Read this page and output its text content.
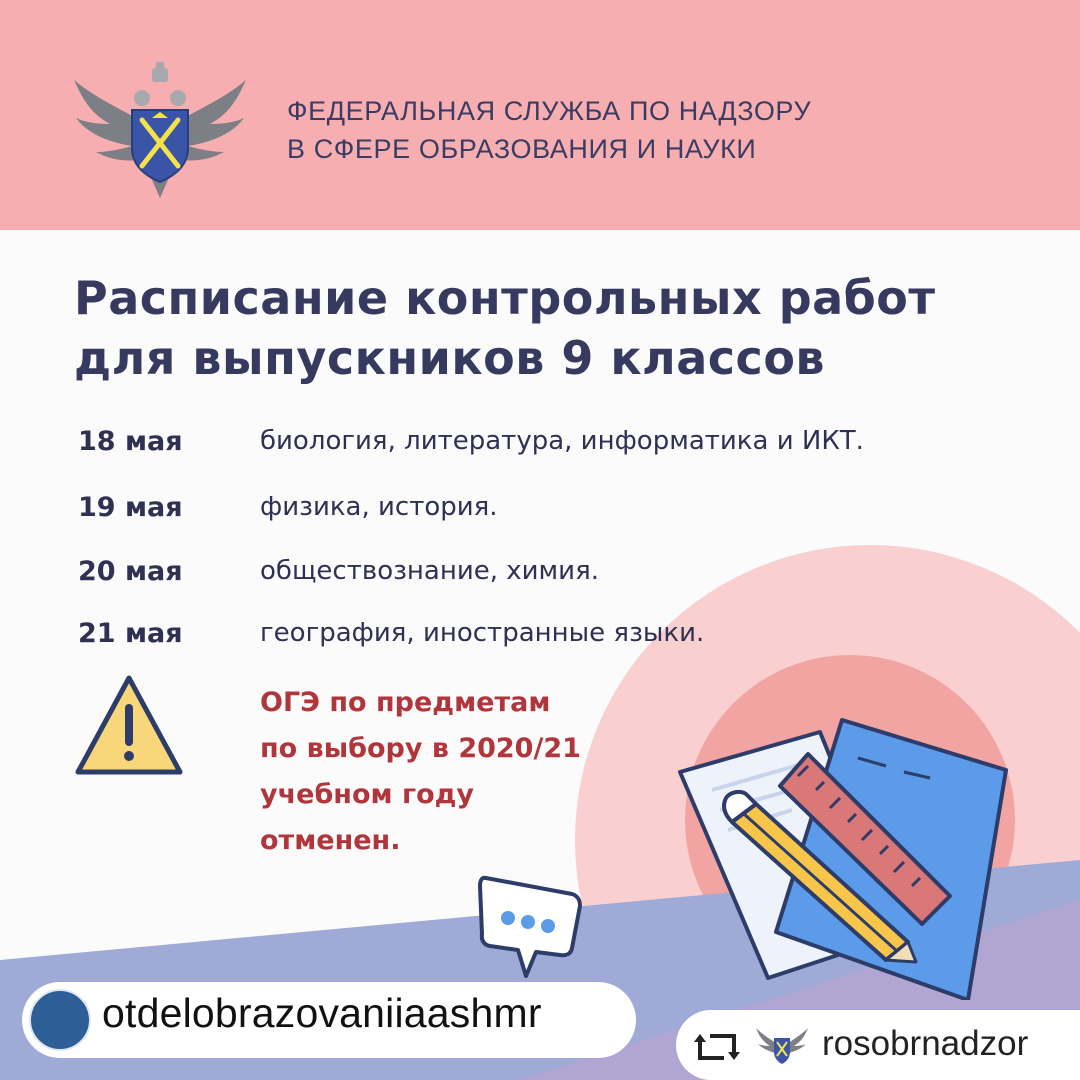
ФЕДЕРАЛЬНАЯ СЛУЖБА ПО НАДЗОРУ
В СФЕРЕ ОБРАЗОВАНИЯ И НАУКИ
Расписание контрольных работ
для выпускников 9 классов
18 мая	биология, литература, информатика и ИКТ.
19 мая	физика, история.
20 мая	обществознание, химия.
21 мая	география, иностранные языки.
ОГЭ по предметам
по выбору в 2020/21
учебном году
отменен.
otdelobrazovaniiaashmr
rosobrnadzor
